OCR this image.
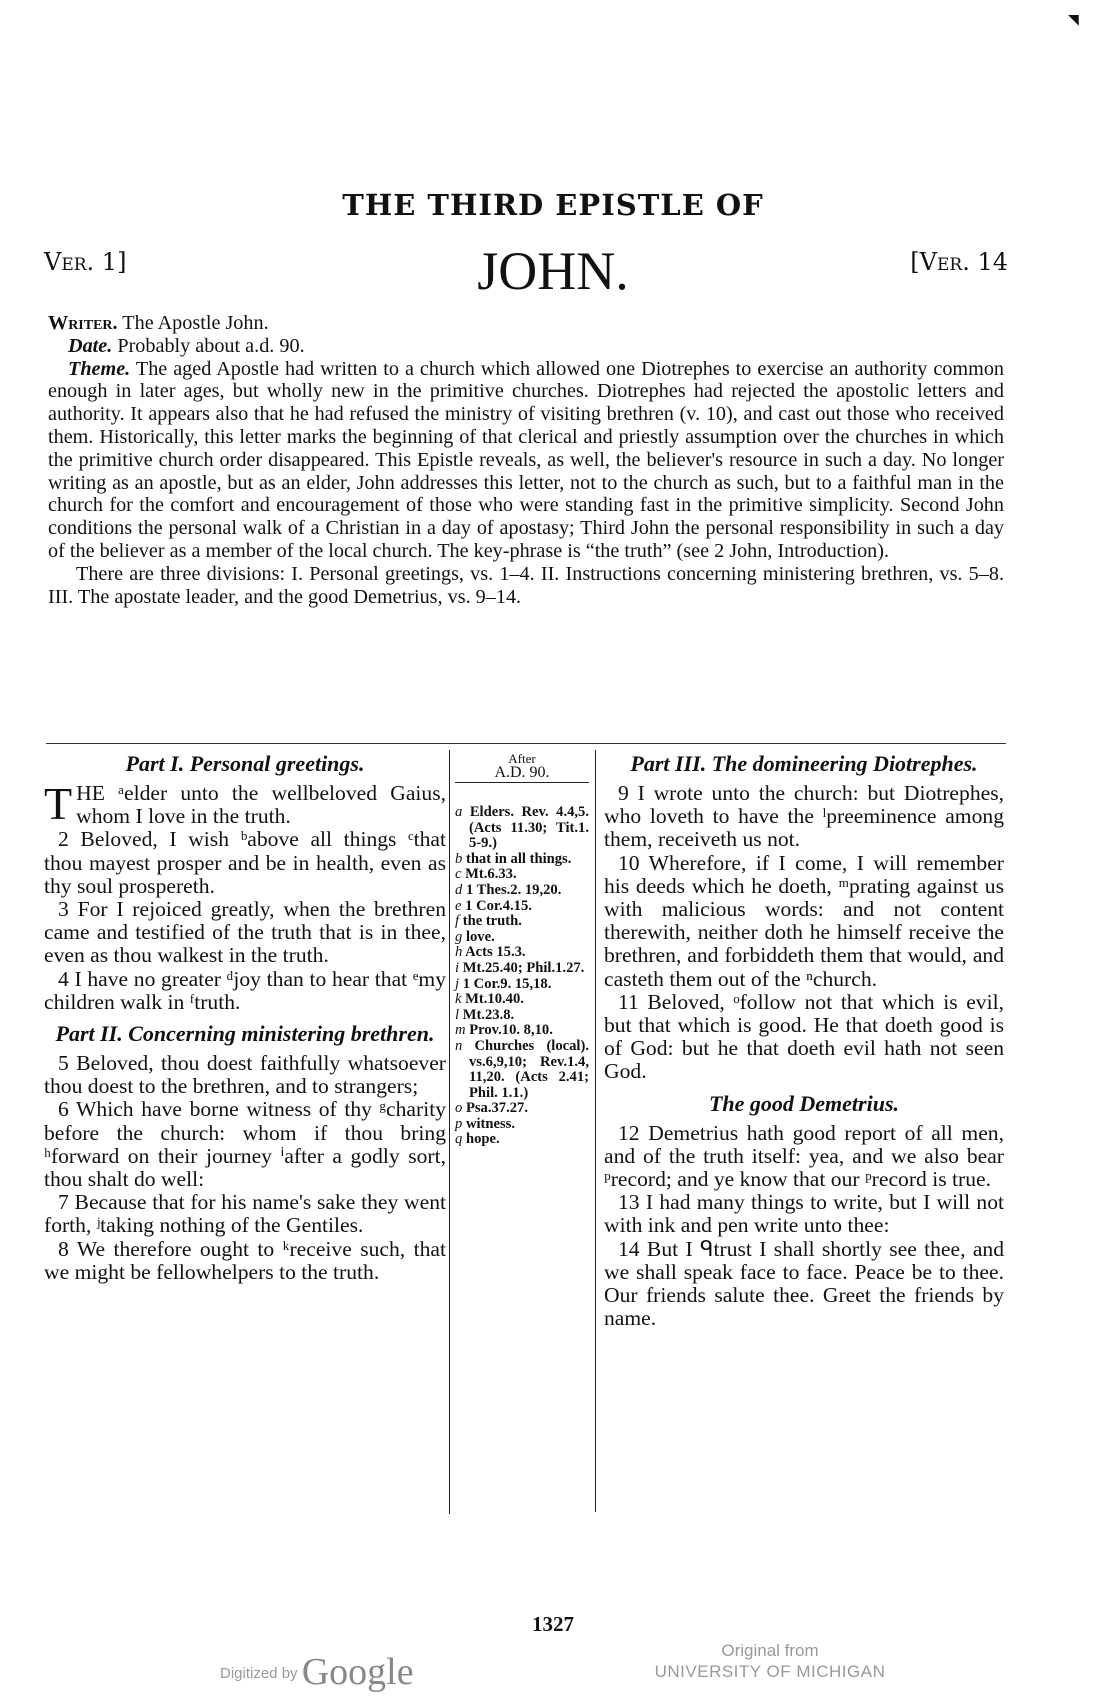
◥
THE THIRD EPISTLE OF
Ver. 1]	JOHN.	[Ver. 14

Writer. The Apostle John.

Date. Probably about a.d. 90.

Theme. The aged Apostle had written to a church which allowed one Diotrephes to exercise an authority common enough in later ages, but wholly new in the primitive churches. Diotrephes had rejected the apostolic letters and authority. It appears also that he had refused the ministry of visiting brethren (v. 10), and cast out those who received them. Historically, this letter marks the beginning of that clerical and priestly assumption over the churches in which the primitive church order disappeared. This Epistle reveals, as well, the believer's resource in such a day. No longer writing as an apostle, but as an elder, John addresses this letter, not to the church as such, but to a faithful man in the church for the comfort and encouragement of those who were standing fast in the primitive simplicity. Second John conditions the personal walk of a Christian in a day of apostasy; Third John the personal responsibility in such a day of the believer as a member of the local church. The key-phrase is “the truth” (see 2 John, Introduction).

There are three divisions: I. Personal greetings, vs. 1–4. II. Instructions concerning ministering brethren, vs. 5–8. III. The apostate leader, and the good Demetrius, vs. 9–14.

Part I. Personal greetings.

T HE ᵃelder unto the wellbeloved Gaius, whom I love in the truth.

2 Beloved, I wish ᵇabove all things ᶜthat thou mayest prosper and be in health, even as thy soul prospereth.

3 For I rejoiced greatly, when the brethren came and testified of the truth that is in thee, even as thou walkest in the truth.

4 I have no greater ᵈjoy than to hear that ᵉmy children walk in ᶠtruth.

Part II. Concerning ministering brethren.

5 Beloved, thou doest faithfully whatsoever thou doest to the brethren, and to strangers;

6 Which have borne witness of thy ᵍcharity before the church: whom if thou bring ʰforward on their journey ⁱafter a godly sort, thou shalt do well:

7 Because that for his name's sake they went forth, ʲtaking nothing of the Gentiles.

8 We therefore ought to ᵏreceive such, that we might be fellowhelpers to the truth.

After
A.D. 90.

a Elders. Rev. 4.4,5. (Acts 11.30; Tit.1. 5-9.)

b that in all things.

c Mt.6.33.

d 1 Thes.2. 19,20.

e 1 Cor.4.15.

f the truth.

g love.

h Acts 15.3.

i Mt.25.40; Phil.1.27.

j 1 Cor.9. 15,18.

k Mt.10.40.

l Mt.23.8.

m Prov.10. 8,10.

n Churches (local). vs.6,9,10; Rev.1.4, 11,20. (Acts 2.41; Phil. 1.1.)

o Psa.37.27.

p witness.

q hope.

Part III. The domineering Diotrephes.

9 I wrote unto the church: but Diotrephes, who loveth to have the ˡpreeminence among them, receiveth us not.

10 Wherefore, if I come, I will remember his deeds which he doeth, ᵐprating against us with malicious words: and not content therewith, neither doth he himself receive the brethren, and forbiddeth them that would, and casteth them out of the ⁿchurch.

11 Beloved, ᵒfollow not that which is evil, but that which is good. He that doeth good is of God: but he that doeth evil hath not seen God.

The good Demetrius.

12 Demetrius hath good report of all men, and of the truth itself: yea, and we also bear ᵖrecord; and ye know that our ᵖrecord is true.

13 I had many things to write, but I will not with ink and pen write unto thee:

14 But I ᑫtrust I shall shortly see thee, and we shall speak face to face. Peace be to thee. Our friends salute thee. Greet the friends by name.

1327
Digitized by Google
Original from
UNIVERSITY OF MICHIGAN
